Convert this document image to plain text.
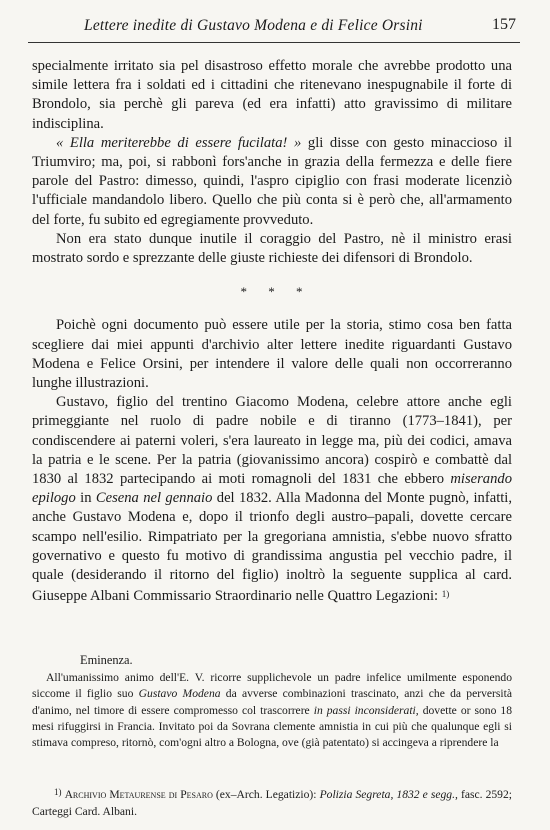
Lettere inedite di Gustavo Modena e di Felice Orsini	157

specialmente irritato sia pel disastroso effetto morale che avrebbe prodotto una simile lettera fra i soldati ed i cittadini che ritenevano inespugnabile il forte di Brondolo, sia perchè gli pareva (ed era infatti) atto gravissimo di militare indisciplina.

« Ella meriterebbe di essere fucilata! » gli disse con gesto minaccioso il Triumviro; ma, poi, si rabbonì fors'anche in grazia della fermezza e delle fiere parole del Pastro: dimesso, quindi, l'aspro cipiglio con frasi moderate licenziò l'ufficiale mandandolo libero. Quello che più conta si è però che, all'armamento del forte, fu subito ed egregiamente provveduto.

Non era stato dunque inutile il coraggio del Pastro, nè il ministro erasi mostrato sordo e sprezzante delle giuste richieste dei difensori di Brondolo.

* * *

Poichè ogni documento può essere utile per la storia, stimo cosa ben fatta scegliere dai miei appunti d'archivio alter lettere inedite riguardanti Gustavo Modena e Felice Orsini, per intendere il valore delle quali non occorreranno lunghe illustrazioni.

Gustavo, figlio del trentino Giacomo Modena, celebre attore anche egli primeggiante nel ruolo di padre nobile e di tiranno (1773–1841), per condiscendere ai paterni voleri, s'era laureato in legge ma, più dei codici, amava la patria e le scene. Per la patria (giovanissimo ancora) cospirò e combattè dal 1830 al 1832 partecipando ai moti romagnoli del 1831 che ebbero miserando epilogo in Cesena nel gennaio del 1832. Alla Madonna del Monte pugnò, infatti, anche Gustavo Modena e, dopo il trionfo degli austro–papali, dovette cercare scampo nell'esilio. Rimpatriato per la gregoriana amnistia, s'ebbe nuovo sfratto governativo e questo fu motivo di grandissima angustia pel vecchio padre, il quale (desiderando il ritorno del figlio) inoltrò la seguente supplica al card. Giuseppe Albani Commissario Straordinario nelle Quattro Legazioni: $^{1)}$

Eminenza.

All'umanissimo animo dell'E. V. ricorre supplichevole un padre infelice umilmente esponendo siccome il figlio suo Gustavo Modena da avverse combinazioni trascinato, anzi che da perversità d'animo, nel timore di essere compromesso col trascorrere in passi inconsiderati, dovette or sono 18 mesi rifuggirsi in Francia. Invitato poi da Sovrana clemente amnistia in cui più che qualunque egli si stimava compreso, ritornò, com'ogni altro a Bologna, ove (già patentato) si accingeva a riprendere la

$^{1)}$ Archivio Metaurense di Pesaro (ex–Arch. Legatizio): Polizia Segreta, 1832 e segg., fasc. 2592; Carteggi Card. Albani.
